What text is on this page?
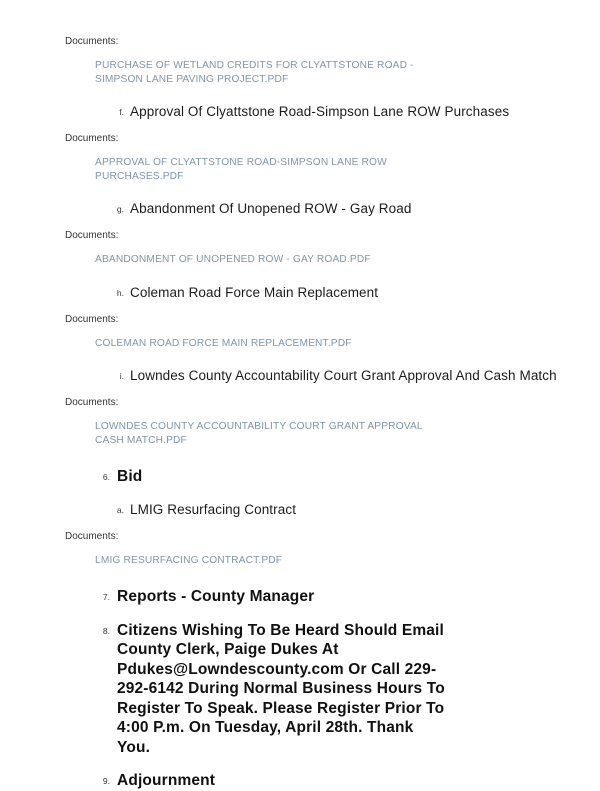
Documents:
PURCHASE OF WETLAND CREDITS FOR CLYATTSTONE ROAD - SIMPSON LANE PAVING PROJECT.PDF
f. Approval Of Clyattstone Road-Simpson Lane ROW Purchases
Documents:
APPROVAL OF CLYATTSTONE ROAD-SIMPSON LANE ROW PURCHASES.PDF
g. Abandonment Of Unopened ROW - Gay Road
Documents:
ABANDONMENT OF UNOPENED ROW - GAY ROAD.PDF
h. Coleman Road Force Main Replacement
Documents:
COLEMAN ROAD FORCE MAIN REPLACEMENT.PDF
i. Lowndes County Accountability Court Grant Approval And Cash Match
Documents:
LOWNDES COUNTY ACCOUNTABILITY COURT GRANT APPROVAL CASH MATCH.PDF
6. Bid
a. LMIG Resurfacing Contract
Documents:
LMIG RESURFACING CONTRACT.PDF
7. Reports - County Manager
8. Citizens Wishing To Be Heard Should Email County Clerk, Paige Dukes At Pdukes@Lowndescounty.com Or Call 229-292-6142 During Normal Business Hours To Register To Speak. Please Register Prior To 4:00 P.m. On Tuesday, April 28th. Thank You.
9. Adjournment
